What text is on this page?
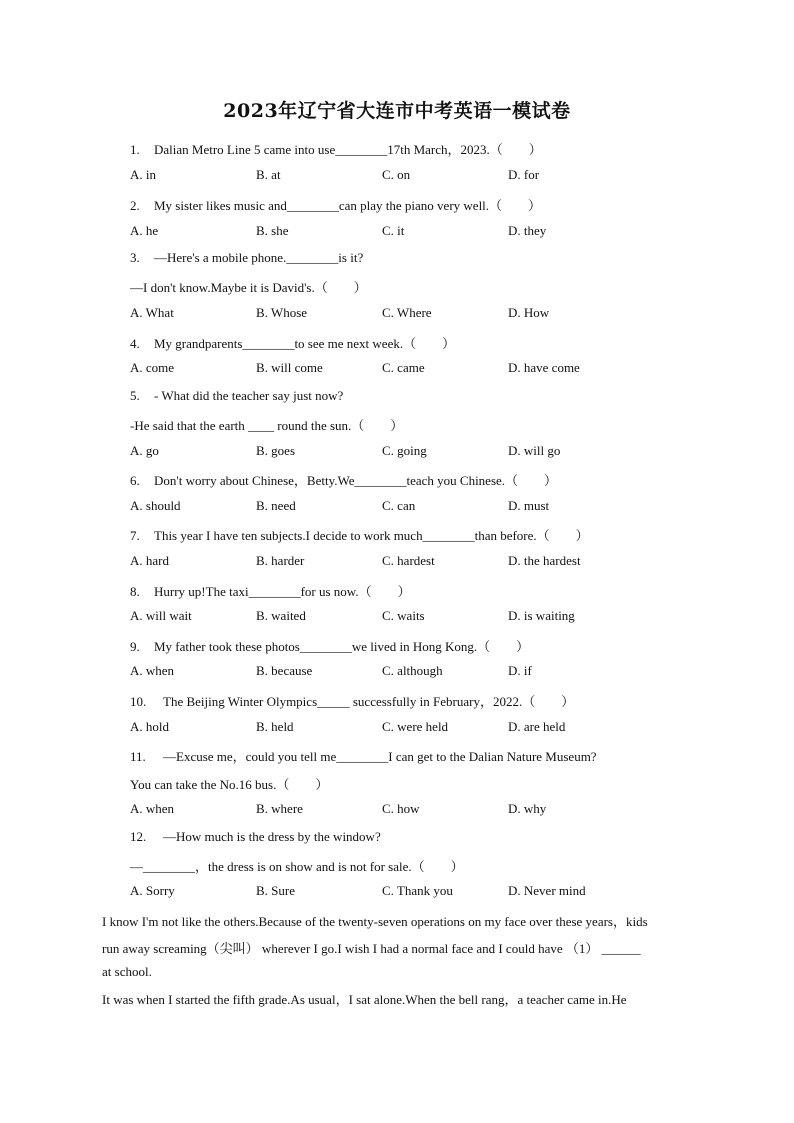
2023年辽宁省大连市中考英语一模试卷
1. Dalian Metro Line 5 came into use________17th March，2023.（　　）
A. in	B. at	C. on	D. for
2. My sister likes music and________can play the piano very well.（　　）
A. he	B. she	C. it	D. they
3. —Here's a mobile phone.________is it?
—I don't know.Maybe it is David's.（　　）
A. What	B. Whose	C. Where	D. How
4. My grandparents________to see me next week.（　　）
A. come	B. will come	C. came	D. have come
5. - What did the teacher say just now?
-He said that the earth ____ round the sun.（　　）
A. go	B. goes	C. going	D. will go
6. Don't worry about Chinese，Betty.We________teach you Chinese.（　　）
A. should	B. need	C. can	D. must
7. This year I have ten subjects.I decide to work much________than before.（　　）
A. hard	B. harder	C. hardest	D. the hardest
8. Hurry up!The taxi________for us now.（　　）
A. will wait	B. waited	C. waits	D. is waiting
9. My father took these photos________we lived in Hong Kong.（　　）
A. when	B. because	C. although	D. if
10. The Beijing Winter Olympics_____ successfully in February，2022.（　　）
A. hold	B. held	C. were held	D. are held
11. —Excuse me，could you tell me________I can get to the Dalian Nature Museum?
You can take the No.16 bus.（　　）
A. when	B. where	C. how	D. why
12. —How much is the dress by the window?
—________，the dress is on show and is not for sale.（　　）
A. Sorry	B. Sure	C. Thank you	D. Never mind
I know I'm not like the others.Because of the twenty-seven operations on my face over these years，kids
run away screaming（尖叫） wherever I go.I wish I had a normal face and I could have （1） ______
at school.
It was when I started the fifth grade.As usual，I sat alone.When the bell rang，a teacher came in.He
